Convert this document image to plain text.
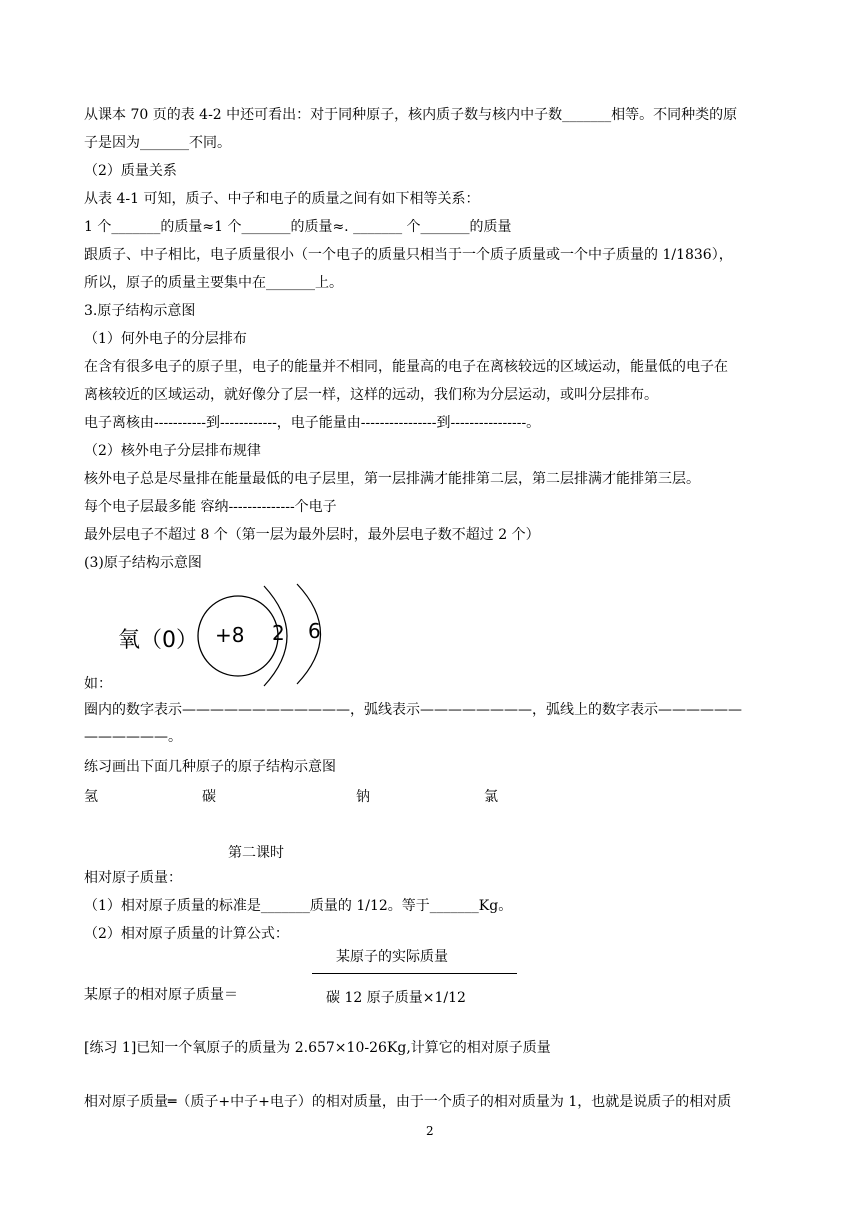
从课本 70 页的表 4-2 中还可看出：对于同种原子，核内质子数与核内中子数_______相等。不同种类的原
子是因为_______不同。
（2）质量关系
从表 4-1 可知，质子、中子和电子的质量之间有如下相等关系：
1 个_______的质量≈1 个_______的质量≈. _______ 个_______的质量
跟质子、中子相比，电子质量很小（一个电子的质量只相当于一个质子质量或一个中子质量的 1/1836），
所以，原子的质量主要集中在_______上。
3.原子结构示意图
（1）何外电子的分层排布
在含有很多电子的原子里，电子的能量并不相同，能量高的电子在离核较远的区域运动，能量低的电子在
离核较近的区域运动，就好像分了层一样，这样的远动，我们称为分层运动，或叫分层排布。
电子离核由-----------到------------，电子能量由----------------到----------------。
（2）核外电子分层排布规律
核外电子总是尽量排在能量最低的电子层里，第一层排满才能排第二层，第二层排满才能排第三层。
每个电子层最多能 容纳--------------个电子
最外层电子不超过 8 个（第一层为最外层时，最外层电子数不超过 2 个）
(3)原子结构示意图
氧（0） +8 2 6
如：
圈内的数字表示————————————，弧线表示————————，弧线上的数字表示——————
——————。
练习画出下面几种原子的原子结构示意图
氢	碳	钠	氯
第二课时
相对原子质量：
（1）相对原子质量的标准是_______质量的 1/12。等于_______Kg。
（2）相对原子质量的计算公式：
某原子的实际质量
某原子的相对原子质量＝	碳 12 原子质量×1/12
[练习 1]已知一个氧原子的质量为 2.657×10-26Kg,计算它的相对原子质量
相对原子质量═（质子+中子+电子）的相对质量，由于一个质子的相对质量为 1，也就是说质子的相对质
2
